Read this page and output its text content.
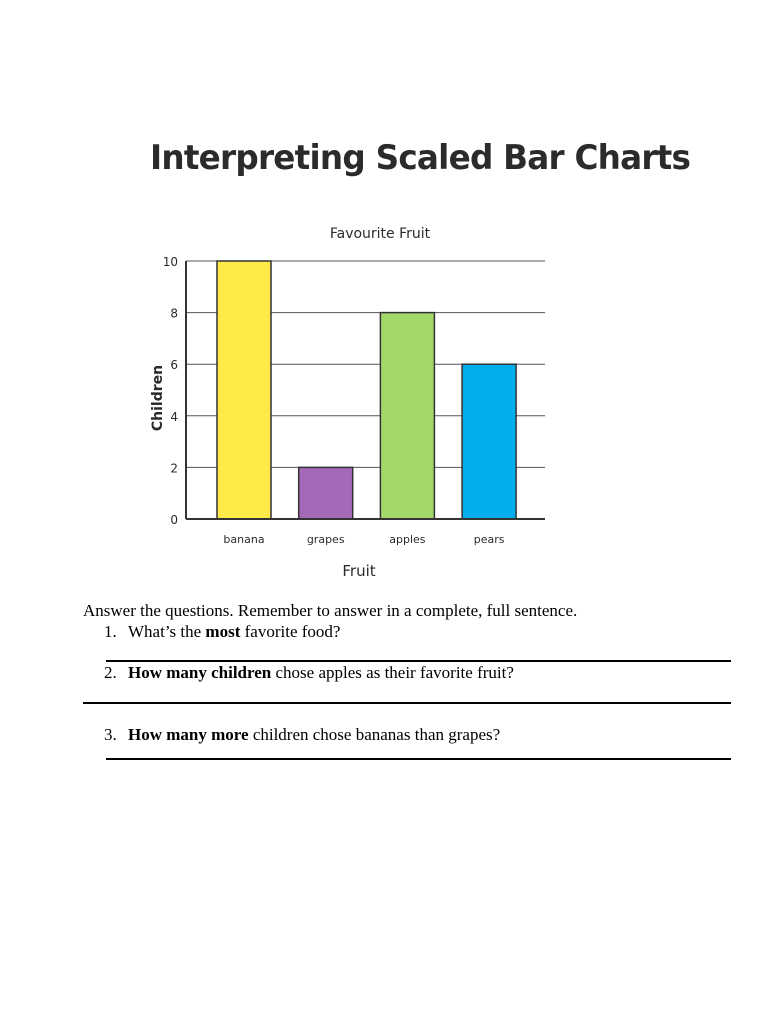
Interpreting Scaled Bar Charts
Favourite Fruit
0
2
4
6
8
10
banana	grapes	apples	pears
Children
Fruit
Answer the questions. Remember to answer in a complete, full sentence.
1. What’s the most favorite food?
2. How many children chose apples as their favorite fruit?
3. How many more children chose bananas than grapes?
